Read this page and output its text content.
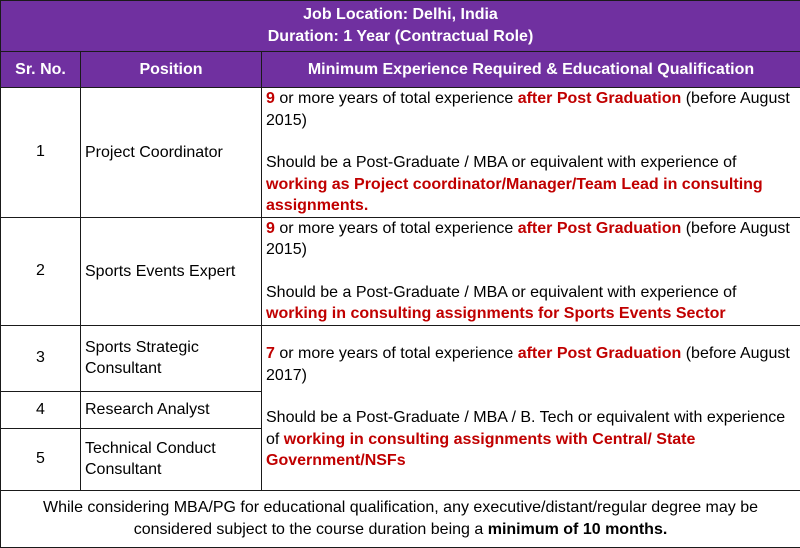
Job Location: Delhi, India
Duration: 1 Year (Contractual Role)		

Sr. No.	Position	Minimum Experience Required & Educational Qualification
1	Project Coordinator	9 or more years of total experience after Post Graduation (before August 2015)
Should be a Post-Graduate / MBA or equivalent with experience of working as Project coordinator/Manager/Team Lead in consulting assignments.

2	Sports Events Expert	9 or more years of total experience after Post Graduation (before August 2015)
Should be a Post-Graduate / MBA or equivalent with experience of working in consulting assignments for Sports Events Sector

3	Sports Strategic Consultant	7 or more years of total experience after Post Graduation (before August 2017)
Should be a Post-Graduate / MBA / B. Tech or equivalent with experience of working in consulting assignments with Central/ State Government/NSFs

4	Research Analyst	
5	Technical Conduct Consultant	
While considering MBA/PG for educational qualification, any executive/distant/regular degree may be considered subject to the course duration being a minimum of 10 months.		
